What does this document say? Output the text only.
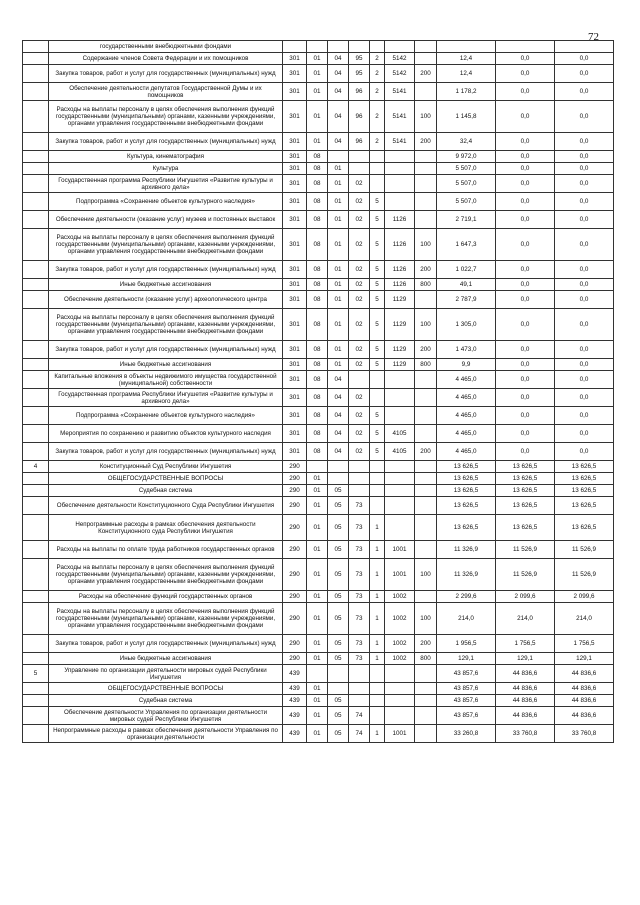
72
	государственными внебюджетными фондами										
	Содержание членов Совета Федерации и их помощников	301	01	04	95	2	5142		12,4	0,0	0,0
	Закупка товаров, работ и услуг для государственных (муниципальных) нужд	301	01	04	95	2	5142	200	12,4	0,0	0,0
	Обеспечение деятельности депутатов Государственной Думы и их помощников	301	01	04	96	2	5141		1 178,2	0,0	0,0
	Расходы на выплаты персоналу в целях обеспечения выполнения функций государственными (муниципальными) органами, казенными учреждениями, органами управления государственными внебюджетными фондами	301	01	04	96	2	5141	100	1 145,8	0,0	0,0
	Закупка товаров, работ и услуг для государственных (муниципальных) нужд	301	01	04	96	2	5141	200	32,4	0,0	0,0
	Культура, кинематография	301	08						9 972,0	0,0	0,0
	Культура	301	08	01					5 507,0	0,0	0,0
	Государственная программа Республики Ингушетия «Развитие культуры и архивного дела»	301	08	01	02				5 507,0	0,0	0,0
	Подпрограмма «Сохранение объектов культурного наследия»	301	08	01	02	5			5 507,0	0,0	0,0
	Обеспечение деятельности (оказание услуг) музеев и постоянных выставок	301	08	01	02	5	1126		2 719,1	0,0	0,0
	Расходы на выплаты персоналу в целях обеспечения выполнения функций государственными (муниципальными) органами, казенными учреждениями, органами управления государственными внебюджетными фондами	301	08	01	02	5	1126	100	1 647,3	0,0	0,0
	Закупка товаров, работ и услуг для государственных (муниципальных) нужд	301	08	01	02	5	1126	200	1 022,7	0,0	0,0
	Иные бюджетные ассигнования	301	08	01	02	5	1126	800	49,1	0,0	0,0
	Обеспечение деятельности (оказание услуг) археологического центра	301	08	01	02	5	1129		2 787,9	0,0	0,0
	Расходы на выплаты персоналу в целях обеспечения выполнения функций государственными (муниципальными) органами, казенными учреждениями, органами управления государственными внебюджетными фондами	301	08	01	02	5	1129	100	1 305,0	0,0	0,0
	Закупка товаров, работ и услуг для государственных (муниципальных) нужд	301	08	01	02	5	1129	200	1 473,0	0,0	0,0
	Иные бюджетные ассигнования	301	08	01	02	5	1129	800	9,9	0,0	0,0
	Капитальные вложения в объекты недвижимого имущества государственной (муниципальной) собственности	301	08	04					4 465,0	0,0	0,0
	Государственная программа Республики Ингушетия «Развитие культуры и архивного дела»	301	08	04	02				4 465,0	0,0	0,0
	Подпрограмма «Сохранение объектов культурного наследия»	301	08	04	02	5			4 465,0	0,0	0,0
	Мероприятия по сохранению и развитию объектов культурного наследия	301	08	04	02	5	4105		4 465,0	0,0	0,0
	Закупка товаров, работ и услуг для государственных (муниципальных) нужд	301	08	04	02	5	4105	200	4 465,0	0,0	0,0
4	Конституционный Суд Республики Ингушетия	290							13 626,5	13 626,5	13 626,5
	ОБЩЕГОСУДАРСТВЕННЫЕ ВОПРОСЫ	290	01						13 626,5	13 626,5	13 626,5
	Судебная система	290	01	05					13 626,5	13 626,5	13 626,5
	Обеспечение деятельности Конституционного Суда Республики Ингушетия	290	01	05	73				13 626,5	13 626,5	13 626,5
	Непрограммные расходы в рамках обеспечения деятельности Конституционного суда Республики Ингушетия	290	01	05	73	1			13 626,5	13 626,5	13 626,5
	Расходы на выплаты по оплате труда работников государственных органов	290	01	05	73	1	1001		11 326,9	11 526,9	11 526,9
	Расходы на выплаты персоналу в целях обеспечения выполнения функций государственными (муниципальными) органами, казенными учреждениями, органами управления государственными внебюджетными фондами	290	01	05	73	1	1001	100	11 326,9	11 526,9	11 526,9
	Расходы на обеспечение функций государственных органов	290	01	05	73	1	1002		2 299,6	2 099,6	2 099,6
	Расходы на выплаты персоналу в целях обеспечения выполнения функций государственными (муниципальными) органами, казенными учреждениями, органами управления государственными внебюджетными фондами	290	01	05	73	1	1002	100	214,0	214,0	214,0
	Закупка товаров, работ и услуг для государственных (муниципальных) нужд	290	01	05	73	1	1002	200	1 956,5	1 756,5	1 756,5
	Иные бюджетные ассигнования	290	01	05	73	1	1002	800	129,1	129,1	129,1
5	Управление по организации деятельности мировых судей Республики Ингушетия	439							43 857,6	44 836,6	44 836,6
	ОБЩЕГОСУДАРСТВЕННЫЕ ВОПРОСЫ	439	01						43 857,6	44 836,6	44 836,6
	Судебная система	439	01	05					43 857,6	44 836,6	44 836,6
	Обеспечение деятельности Управления по организации деятельности мировых судей Республики Ингушетия	439	01	05	74				43 857,6	44 836,6	44 836,6
	Непрограммные расходы в рамках обеспечения деятельности Управления по организации деятельности	439	01	05	74	1	1001		33 260,8	33 760,8	33 760,8
